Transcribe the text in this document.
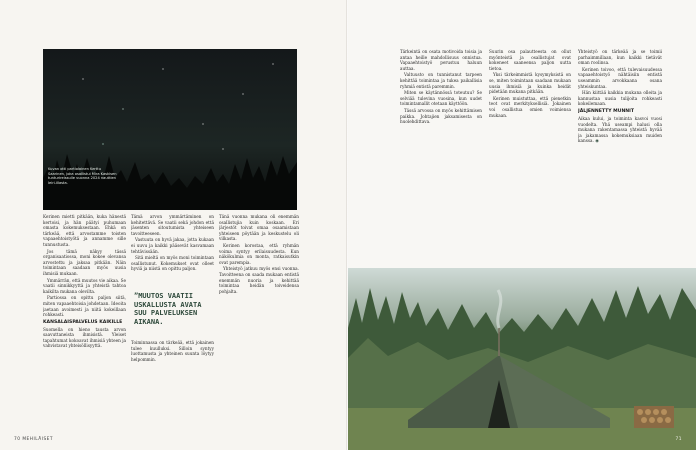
Kuvan otti partiolainen Kerttu Saarinen, joka osallistui Mira Kaskisen tunturireissulle vuonna 2024 nauttien leiri-illasta.

Kerinen mietti pitkään, kuka hänestä kertoisi, ja hän päätyi puhumaan omasta kokemuksestaan. Ehkä on tärkeää, että arvostamme toisten vapaaehtoistyötä ja annamme sille tunnustusta.

Jos tämä näkyy tässä organisaatiossa, moni kokee olevansa arvostettu ja jaksaa pitkään. Näin toimintaan saadaan myös uusia ihmisiä mukaan.

Ymmärrän, että muutos vie aikaa. Se vaatii sinnikkyyttä ja yhteistä tahtoa kaikilta mukana olevilta.

Partiossa on opittu paljon siitä, miten vapaaehtoisia johdetaan. Ideoita jaetaan avoimesti ja niitä kokeillaan rohkeasti.

KANSALAISPALVELUS KAIKILLE

Suomella on hieno tausta arvon saavuttaneista ihmisistä. Yleiset tapahtumat kokoavat ihmisiä yhteen ja vahvistavat yhteisöllisyyttä.

Tämä arvon ymmärtäminen on kehitettävä. Se vaatii sekä johdon että jäsenten sitoutumista yhteiseen tavoitteeseen.

Vastuuta on hyvä jakaa, jotta kukaan ei uuvu ja kaikki pääsevät kasvamaan tehtävissään.

Sitä mieltä on myös moni toimintaan osallistunut. Kokemukset ovat olleet hyviä ja niistä on opittu paljon.

”MUUTOS VAATII USKALLUSTA AVATA SUU PALVELUKSEN AIKANA.

Toiminnassa on tärkeää, että jokainen tulee kuulluksi. Silloin syntyy luottamusta ja yhteinen suunta löytyy helpommin.

Tänä vuonna mukana oli enemmän osallistujia kuin koskaan. Eri järjestöt toivat omaa osaamistaan yhteiseen pöytään ja keskustelu oli vilkasta.

Kerinen korostaa, että ryhmän voima syntyy erilaisuudesta. Kun näkökulmia on monta, ratkaisutkin ovat parempia.

Yhteistyö jatkuu myös ensi vuonna. Tavoitteena on saada mukaan entistä enemmän nuoria ja kehittää toimintaa heidän toiveidensa pohjalta.

70 MEHILÄISET

Tärkeintä on osata motivoida toisia ja antaa heille mahdollisuus onnistua. Vapaaehtoistyö perustuu haluun auttaa.

Valtuusto on tunnistanut tarpeen kehittää toimintaa ja tukea paikallisia ryhmiä entistä paremmin.

Miten se käytännössä toteutuu? Se selviää tulevina vuosina, kun uudet toimintamallit otetaan käyttöön.

Tässä arvossa on myös kehittämisen paikka. Johtajien jaksamisesta on huolehdittava.

Suurin osa palautteesta on ollut myönteistä ja osallistujat ovat kokeneet saaneensa paljon uutta tietoa.

Yksi tärkeimmistä kysymyksistä on se, miten toimintaan saadaan mukaan uusia ihmisiä ja kuinka heidät pidetään mukana pitkään.

Kerinen muistuttaa, että pienetkin teot ovat merkityksellisiä. Jokainen voi osallistua omien voimiensa mukaan.

Yhteistyö on tärkeää ja se toimii parhaimmillaan, kun kaikki tietävät oman roolinsa.

Kerinen toivoo, että tulevaisuudessa vapaaehtoistyö nähtäisiin entistä useammin arvokkaana osana yhteiskuntaa.

Hän kiittää kaikkia mukana olleita ja kannustaa uusia tulijoita rohkeasti kokeilemaan.

JÄLJENNETTY MUNNIT

Aikaa kului, ja toiminta kasvoi vuosi vuodelta. Yhä useampi halusi olla mukana rakentamassa yhteistä hyvää ja jakamassa kokemuksiaan muiden kanssa. ◉

71
